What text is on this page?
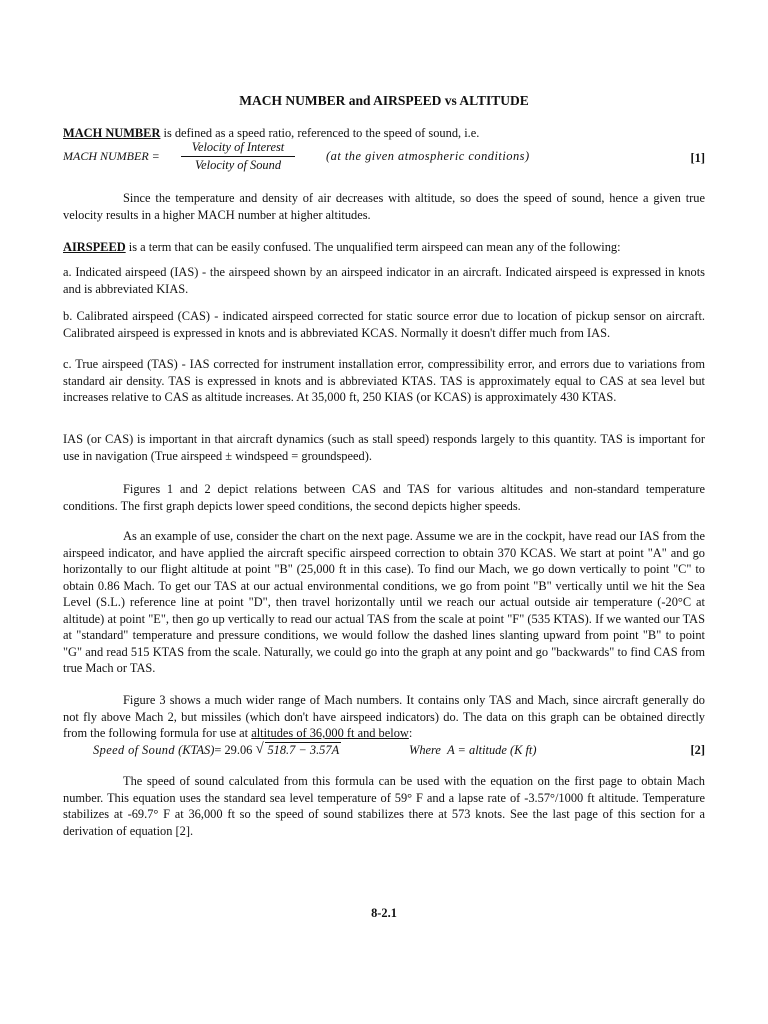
MACH NUMBER and AIRSPEED vs ALTITUDE
MACH NUMBER is defined as a speed ratio, referenced to the speed of sound, i.e.
MACH NUMBER =
Velocity of Interest
Velocity of Sound
(at the given atmospheric conditions)	[1]
Since the temperature and density of air decreases with altitude, so does the speed of sound, hence a given true velocity results in a higher MACH number at higher altitudes.
AIRSPEED is a term that can be easily confused. The unqualified term airspeed can mean any of the following:
a. Indicated airspeed (IAS) - the airspeed shown by an airspeed indicator in an aircraft. Indicated airspeed is expressed in knots and is abbreviated KIAS.
b. Calibrated airspeed (CAS) - indicated airspeed corrected for static source error due to location of pickup sensor on aircraft. Calibrated airspeed is expressed in knots and is abbreviated KCAS. Normally it doesn't differ much from IAS.
c. True airspeed (TAS) - IAS corrected for instrument installation error, compressibility error, and errors due to variations from standard air density. TAS is expressed in knots and is abbreviated KTAS. TAS is approximately equal to CAS at sea level but increases relative to CAS as altitude increases. At 35,000 ft, 250 KIAS (or KCAS) is approximately 430 KTAS.
IAS (or CAS) is important in that aircraft dynamics (such as stall speed) responds largely to this quantity. TAS is important for use in navigation (True airspeed ± windspeed = groundspeed).
Figures 1 and 2 depict relations between CAS and TAS for various altitudes and non-standard temperature conditions. The first graph depicts lower speed conditions, the second depicts higher speeds.
As an example of use, consider the chart on the next page. Assume we are in the cockpit, have read our IAS from the airspeed indicator, and have applied the aircraft specific airspeed correction to obtain 370 KCAS. We start at point "A" and go horizontally to our flight altitude at point "B" (25,000 ft in this case). To find our Mach, we go down vertically to point "C" to obtain 0.86 Mach. To get our TAS at our actual environmental conditions, we go from point "B" vertically until we hit the Sea Level (S.L.) reference line at point "D", then travel horizontally until we reach our actual outside air temperature (-20°C at altitude) at point "E", then go up vertically to read our actual TAS from the scale at point "F" (535 KTAS). If we wanted our TAS at "standard" temperature and pressure conditions, we would follow the dashed lines slanting upward from point "B" to point "G" and read 515 KTAS from the scale. Naturally, we could go into the graph at any point and go "backwards" to find CAS from true Mach or TAS.
Figure 3 shows a much wider range of Mach numbers. It contains only TAS and Mach, since aircraft generally do not fly above Mach 2, but missiles (which don't have airspeed indicators) do. The data on this graph can be obtained directly from the following formula for use at altitudes of 36,000 ft and below:
Speed of Sound (KTAS)= 29.06 √ 518.7 − 3.57A	Where A = altitude (K ft)	[2]
The speed of sound calculated from this formula can be used with the equation on the first page to obtain Mach number. This equation uses the standard sea level temperature of 59° F and a lapse rate of -3.57°/1000 ft altitude. Temperature stabilizes at -69.7° F at 36,000 ft so the speed of sound stabilizes there at 573 knots. See the last page of this section for a derivation of equation [2].
8-2.1
